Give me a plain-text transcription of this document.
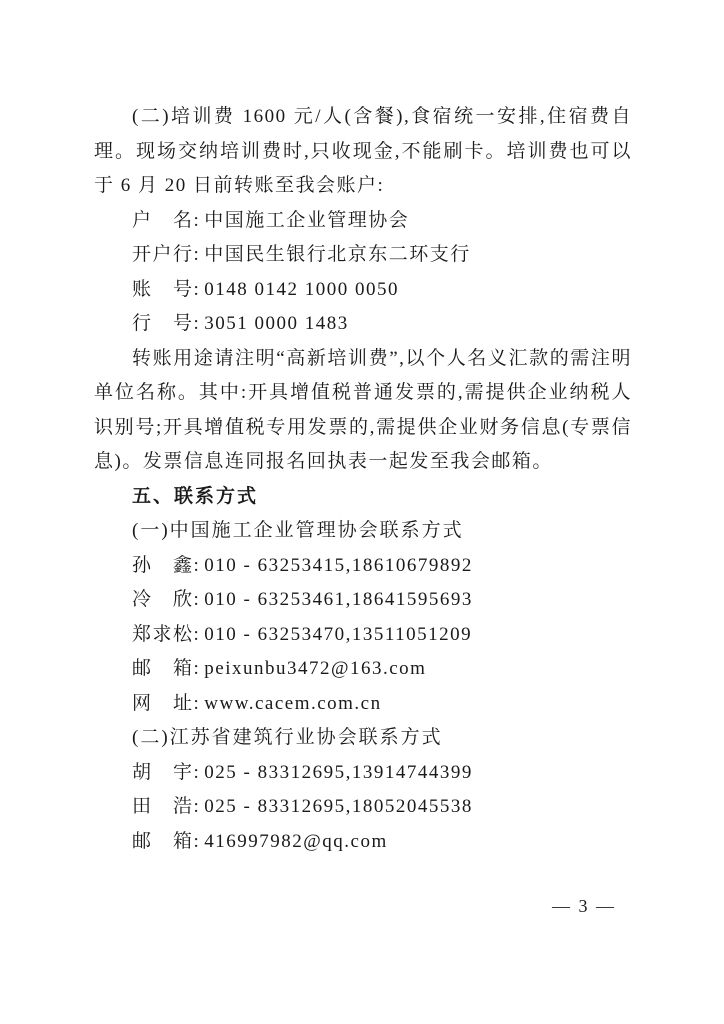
(二)培训费 1600 元/人(含餐),食宿统一安排,住宿费自理。现场交纳培训费时,只收现金,不能刷卡。培训费也可以于 6 月 20 日前转账至我会账户:

户　名: 中国施工企业管理协会
开户行: 中国民生银行北京东二环支行
账　号: 0148 0142 1000 0050
行　号: 3051 0000 1483

转账用途请注明“高新培训费”,以个人名义汇款的需注明单位名称。其中:开具增值税普通发票的,需提供企业纳税人识别号;开具增值税专用发票的,需提供企业财务信息(专票信息)。发票信息连同报名回执表一起发至我会邮箱。

五、联系方式
(一)中国施工企业管理协会联系方式
孙　鑫: 010 - 63253415,18610679892
冷　欣: 010 - 63253461,18641595693
郑求松: 010 - 63253470,13511051209
邮　箱: peixunbu3472@163.com
网　址: www.cacem.com.cn
(二)江苏省建筑行业协会联系方式
胡　宇: 025 - 83312695,13914744399
田　浩: 025 - 83312695,18052045538
邮　箱: 416997982@qq.com
— 3 —
